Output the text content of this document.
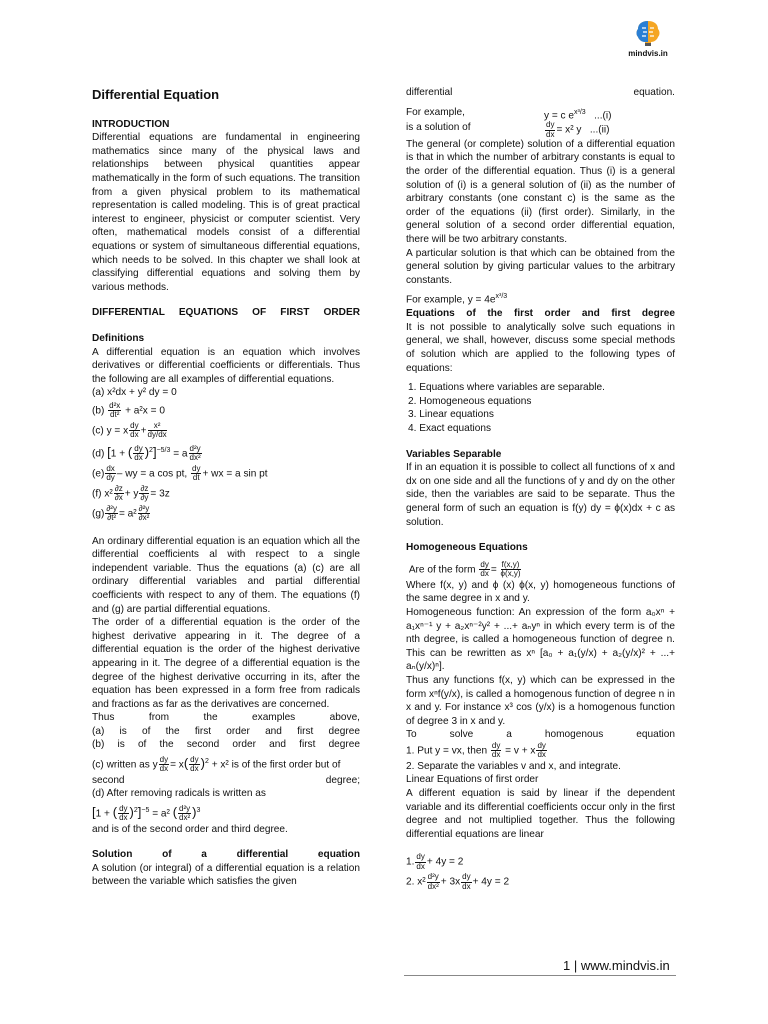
mindvis.in

Differential Equation

INTRODUCTION

Differential equations are fundamental in engineering mathematics since many of the physical laws and relationships between physical quantities appear mathematically in the form of such equations. The transition from a given physical problem to its mathematical representation is called modeling. This is of great practical interest to engineer, physicist or computer scientist. Very often, mathematical models consist of a differential equations or system of simultaneous differential equations, which needs to be solved. In this chapter we shall look at classifying differential equations and solving them by various methods.

DIFFERENTIAL EQUATIONS OF FIRST ORDER

Definitions

A differential equation is an equation which involves derivatives or differential coefficients or differentials. Thus the following are all examples of differential equations.

(a) x²dx + y² dy = 0

$(b) \frac{\text{d²x}}{\text{dt²}} + a^2x = 0$

(c) y = x $\frac{dy}{dx} + \frac{\text{x²}}{dy/dx}$

(d) [1 + ( $\frac{dy}{dx} )^2]^{-5/3} = a \frac{\text{d²y}}{\text{dx²}}$

$(e) \frac{dx}{dy}$ – wy = a cos pt, $\frac{dy}{dt}$ + wx = a sin pt

(f) $x^2 \frac{\partial z}{\partial x} + y \frac{\partial z}{\partial y} = 3z$

$(g) \frac{\text{∂²y}}{\text{∂t²}} = a^2 \frac{\text{∂²y}}{\text{∂x²}}$

An ordinary differential equation is an equation which all the differential coefficients al with respect to a single independent variable. Thus the equations (a) (c) are all ordinary differential variables and partial differential coefficients with respect to any of them. The equations (f) and (g) are partial differential equations.

The order of a differential equation is the order of the highest derivative appearing in it. The degree of a differential equation is the order of the highest derivative appearing in it. The degree of a differential equation is the degree of the highest derivative occurring in its, after the equation has been expressed in a form free from radicals and fractions as far as the derivatives are concerned.

Thus from the examples above,

(a) is of the first order and first degree

(b) is of the second order and first degree

(c) written as y $\frac{dy}{dx} = x( \frac{dy}{dx} )^2 + x^2$ is of the first order but of

second	degree;

(d) After removing radicals is written as

[1 + ( $\frac{dy}{dx} )^2]^{-5} = a^2$ ( $\frac{\text{d²y}}{\text{dx²}} )^3$

and is of the second order and third degree.

Solution of a differential equation

A solution (or integral) of a differential equation is a relation between the variable which satisfies the given

differential	equation.

For example,	y = c $e^{x^3/3}$ ...(i)

is a solution of	$\frac{dy}{dx} = x^2$ y ...(ii)

The general (or complete) solution of a differential equation is that in which the number of arbitrary constants is equal to the order of the differential equation. Thus (i) is a general solution of (i) is a general solution of (ii) as the number of arbitrary constants (one constant c) is the same as the order of the equations (ii) (first order). Similarly, in the general solution of a second order differential equation, there will be two arbitrary constants.

A particular solution is that which can be obtained from the general solution by giving particular values to the arbitrary constants.

For example, $y = 4e^{x^3/3}$

Equations of the first order and first degree

It is not possible to analytically solve such equations in general, we shall, however, discuss some special methods of solution which are applied to the following types of equations:

1. Equations where variables are separable.
2. Homogeneous equations
3. Linear equations
4. Exact equations

Variables Separable

If in an equation it is possible to collect all functions of x and dx on one side and all the functions of y and dy on the other side, then the variables are said to be separate. Thus the general form of such an equation is f(y) dy = ϕ(x)dx + c as solution.

Homogeneous Equations

Are of the form $\frac{dy}{dx} = \frac{f(x,y)}{\phi(x,y)}$

Where f(x, y) and ϕ (x) ϕ(x, y) homogeneous functions of the same degree in x and y.

Homogeneous function: An expression of the form a₀xⁿ + a₁xⁿ⁻¹ y + a₂xⁿ⁻²y² + ...+ aₙyⁿ in which every term is of the nth degree, is called a homogeneous function of degree n. This can be rewritten as xⁿ [a₀ + a₁(y/x) + a₂(y/x)² + ...+ aₙ(y/x)ⁿ].

Thus any functions f(x, y) which can be expressed in the form xⁿf(y/x), is called a homogenous function of degree n in x and y. For instance x³ cos (y/x) is a homogenous function of degree 3 in x and y.

To solve a homogenous equation

1. Put y = vx, then $\frac{dy}{dx} = v + x \frac{dy}{dx}$

2. Separate the variables v and x, and integrate.

Linear Equations of first order

A different equation is said by linear if the dependent variable and its differential coefficients occur only in the first degree and not multiplied together. Thus the following differential equations are linear

1. $\frac{dy}{dx} + 4y = 2$

2. $x^2 \frac{\text{d²y}}{\text{dx²}} + 3x \frac{dy}{dx} + 4y = 2$

1 | www.mindvis.in
